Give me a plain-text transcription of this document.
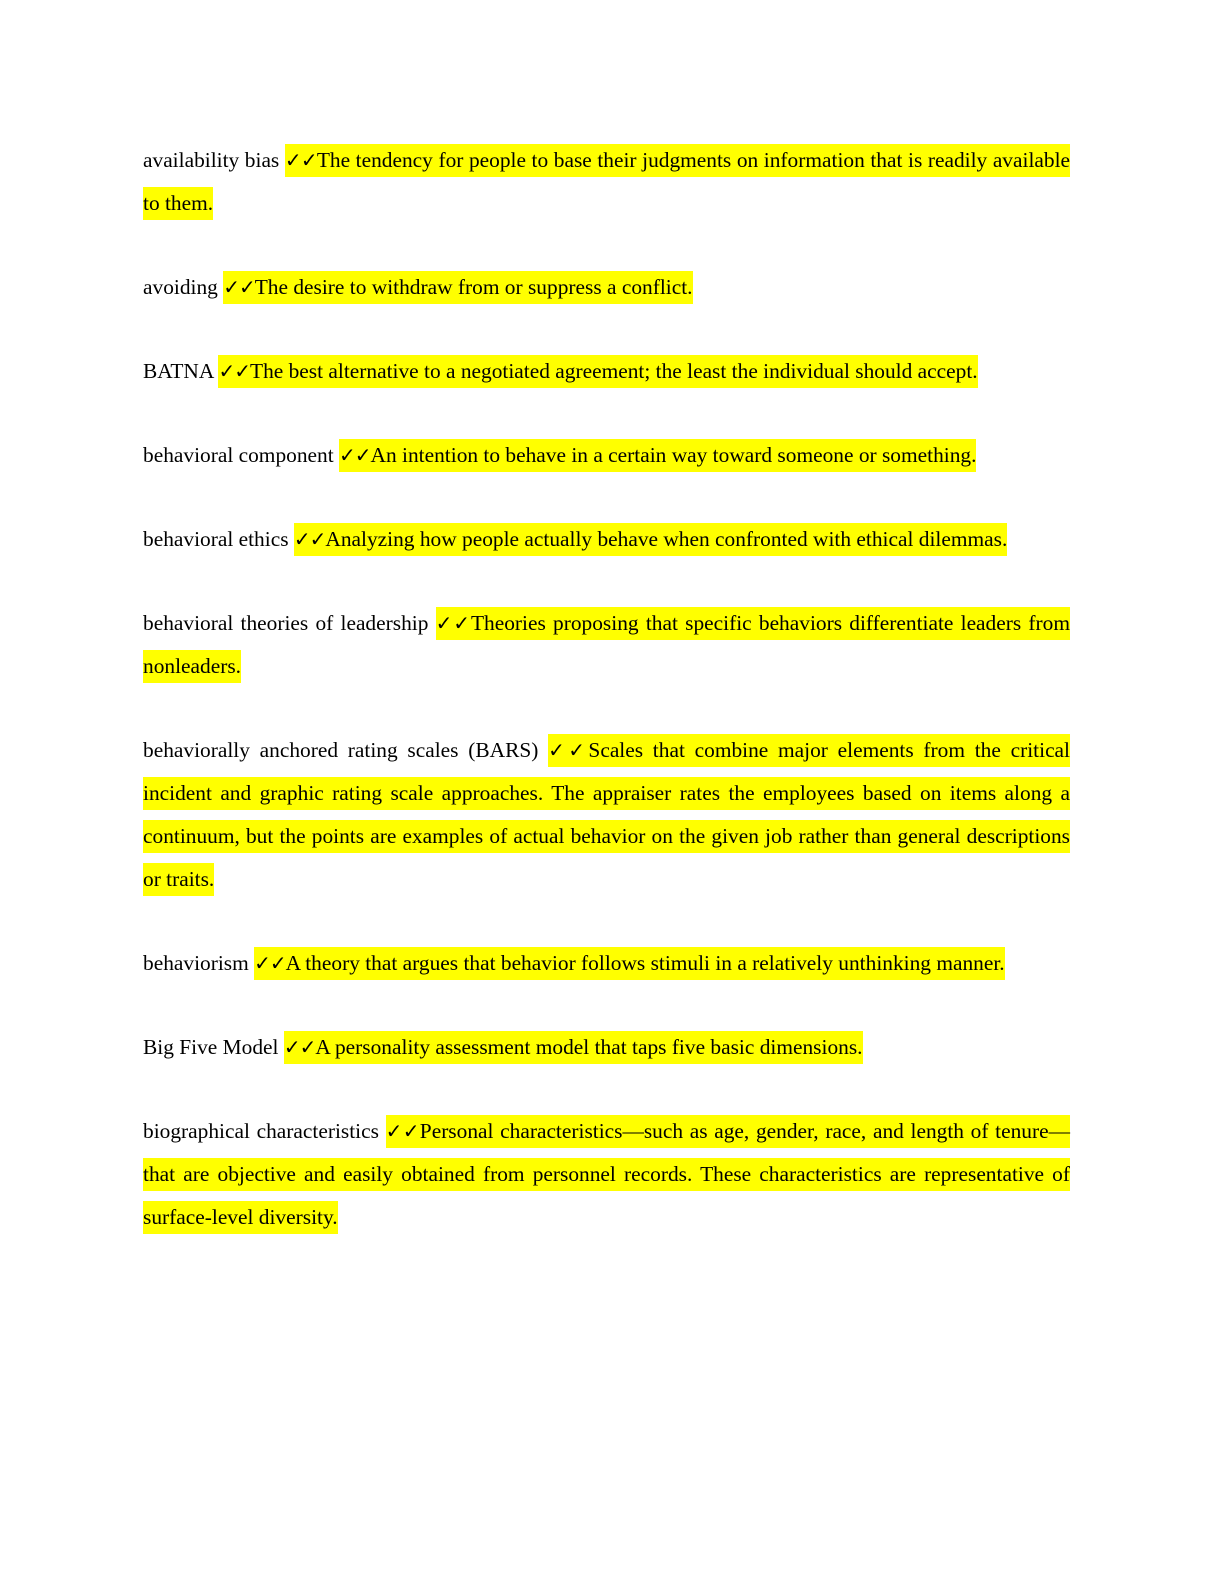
availability bias ✓✓The tendency for people to base their judgments on information that is readily available to them.

avoiding ✓✓The desire to withdraw from or suppress a conflict.

BATNA ✓✓The best alternative to a negotiated agreement; the least the individual should accept.

behavioral component ✓✓An intention to behave in a certain way toward someone or something.

behavioral ethics ✓✓Analyzing how people actually behave when confronted with ethical dilemmas.

behavioral theories of leadership ✓✓Theories proposing that specific behaviors differentiate leaders from nonleaders.

behaviorally anchored rating scales (BARS) ✓✓Scales that combine major elements from the critical incident and graphic rating scale approaches. The appraiser rates the employees based on items along a continuum, but the points are examples of actual behavior on the given job rather than general descriptions or traits.

behaviorism ✓✓A theory that argues that behavior follows stimuli in a relatively unthinking manner.

Big Five Model ✓✓A personality assessment model that taps five basic dimensions.

biographical characteristics ✓✓Personal characteristics—such as age, gender, race, and length of tenure—that are objective and easily obtained from personnel records. These characteristics are representative of surface-level diversity.
